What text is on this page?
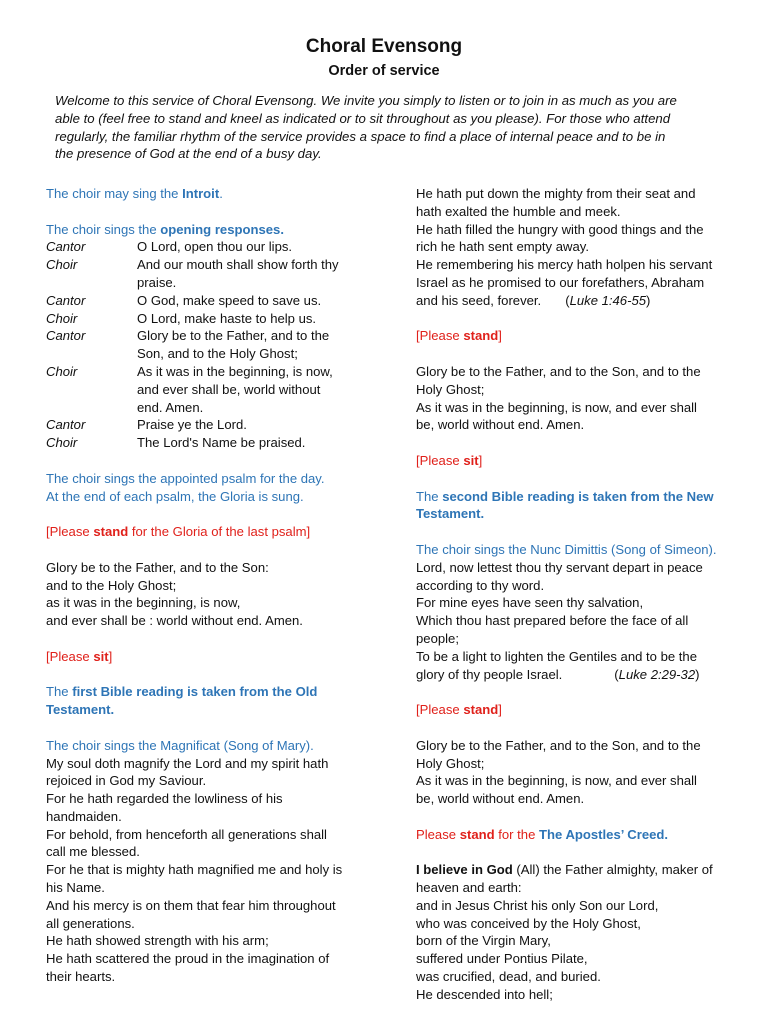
Choral Evensong
Order of service
Welcome to this service of Choral Evensong. We invite you simply to listen or to join in as much as you are
able to (feel free to stand and kneel as indicated or to sit throughout as you please). For those who attend
regularly, the familiar rhythm of the service provides a space to find a place of internal peace and to be in
the presence of God at the end of a busy day.
The choir may sing the Introit.
The choir sings the opening responses.
Cantor	O Lord, open thou our lips.
Choir	And our mouth shall show forth thy
praise.
Cantor	O God, make speed to save us.
Choir	O Lord, make haste to help us.
Cantor	Glory be to the Father, and to the
Son, and to the Holy Ghost;
Choir	As it was in the beginning, is now,
and ever shall be, world without
end. Amen.
Cantor	Praise ye the Lord.
Choir	The Lord's Name be praised.
The choir sings the appointed psalm for the day.
At the end of each psalm, the Gloria is sung.
[Please stand for the Gloria of the last psalm]
Glory be to the Father, and to the Son:
and to the Holy Ghost;
as it was in the beginning, is now,
and ever shall be : world without end. Amen.
[Please sit]
The first Bible reading is taken from the Old
Testament.
The choir sings the Magnificat (Song of Mary).
My soul doth magnify the Lord and my spirit hath
rejoiced in God my Saviour.
For he hath regarded the lowliness of his
handmaiden.
For behold, from henceforth all generations shall
call me blessed.
For he that is mighty hath magnified me and holy is
his Name.
And his mercy is on them that fear him throughout
all generations.
He hath showed strength with his arm;
He hath scattered the proud in the imagination of
their hearts.
He hath put down the mighty from their seat and
hath exalted the humble and meek.
He hath filled the hungry with good things and the
rich he hath sent empty away.
He remembering his mercy hath holpen his servant
Israel as he promised to our forefathers, Abraham
and his seed, forever. (Luke 1:46-55)
[Please stand]
Glory be to the Father, and to the Son, and to the
Holy Ghost;
As it was in the beginning, is now, and ever shall
be, world without end. Amen.
[Please sit]
The second Bible reading is taken from the New
Testament.
The choir sings the Nunc Dimittis (Song of Simeon).
Lord, now lettest thou thy servant depart in peace
according to thy word.
For mine eyes have seen thy salvation,
Which thou hast prepared before the face of all
people;
To be a light to lighten the Gentiles and to be the
glory of thy people Israel.	(Luke 2:29-32)
[Please stand]
Glory be to the Father, and to the Son, and to the
Holy Ghost;
As it was in the beginning, is now, and ever shall
be, world without end. Amen.
Please stand for the The Apostles’ Creed.
I believe in God (All) the Father almighty, maker of
heaven and earth:
and in Jesus Christ his only Son our Lord,
who was conceived by the Holy Ghost,
born of the Virgin Mary,
suffered under Pontius Pilate,
was crucified, dead, and buried.
He descended into hell;
